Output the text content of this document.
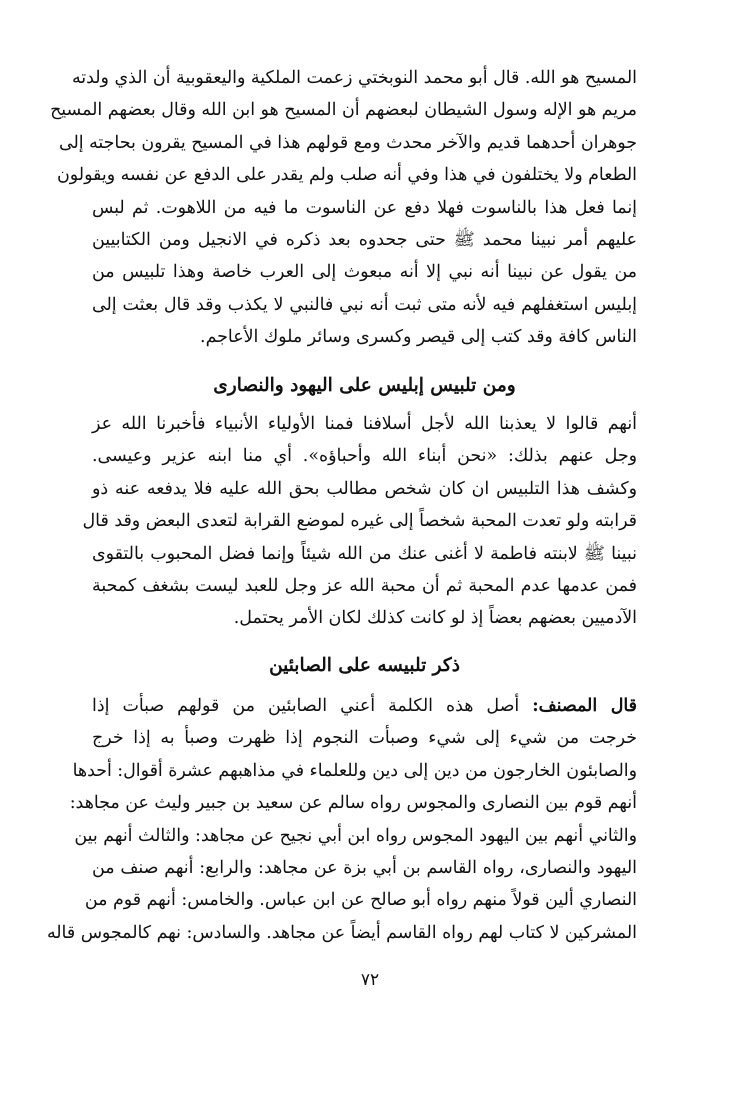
المسيح هو الله. قال أبو محمد النوبختي زعمت الملكية واليعقوبية أن الذي ولدته
مريم هو الإله وسول الشيطان لبعضهم أن المسيح هو ابن الله وقال بعضهم المسيح
جوهران أحدهما قديم والآخر محدث ومع قولهم هذا في المسيح يقرون بحاجته إلى
الطعام ولا يختلفون في هذا وفي أنه صلب ولم يقدر على الدفع عن نفسه ويقولون
إنما فعل هذا بالناسوت فهلا دفع عن الناسوت ما فيه من اللاهوت. ثم لبس
عليهم أمر نبينا محمد ﷺ حتى جحدوه بعد ذكره في الانجيل ومن الكتابيين
من يقول عن نبينا أنه نبي إلا أنه مبعوث إلى العرب خاصة وهذا تلبيس من
إبليس استغفلهم فيه لأنه متى ثبت أنه نبي فالنبي لا يكذب وقد قال بعثت إلى
الناس كافة وقد كتب إلى قيصر وكسرى وسائر ملوك الأعاجم.
ومن تلبيس إبليس على اليهود والنصارى
أنهم قالوا لا يعذبنا الله لأجل أسلافنا فمنا الأولياء الأنبياء فأخبرنا الله عز
وجل عنهم بذلك: «نحن أبناء الله وأحباؤه». أي منا ابنه عزير وعيسى.
وكشف هذا التلبيس ان كان شخص مطالب بحق الله عليه فلا يدفعه عنه ذو
قرابته ولو تعدت المحبة شخصاً إلى غيره لموضع القرابة لتعدى البعض وقد قال
نبينا ﷺ لابنته فاطمة لا أغنى عنك من الله شيئاً وإنما فضل المحبوب بالتقوى
فمن عدمها عدم المحبة ثم أن محبة الله عز وجل للعبد ليست بشغف كمحبة
الآدميين بعضهم بعضاً إذ لو كانت كذلك لكان الأمر يحتمل.
ذكر تلبيسه على الصابئين
قال المصنف: أصل هذه الكلمة أعني الصابئين من قولهم صبأت إذا
خرجت من شيء إلى شيء وصبأت النجوم إذا ظهرت وصبأ به إذا خرج
والصابئون الخارجون من دين إلى دين وللعلماء في مذاهبهم عشرة أقوال: أحدها
أنهم قوم بين النصارى والمجوس رواه سالم عن سعيد بن جبير وليث عن مجاهد:
والثاني أنهم بين اليهود المجوس رواه ابن أبي نجيح عن مجاهد: والثالث أنهم بين
اليهود والنصارى، رواه القاسم بن أبي بزة عن مجاهد: والرابع: أنهم صنف من
النصاري ألين قولاً منهم رواه أبو صالح عن ابن عباس. والخامس: أنهم قوم من
المشركين لا كتاب لهم رواه القاسم أيضاً عن مجاهد. والسادس: نهم كالمجوس قاله
٧٢
